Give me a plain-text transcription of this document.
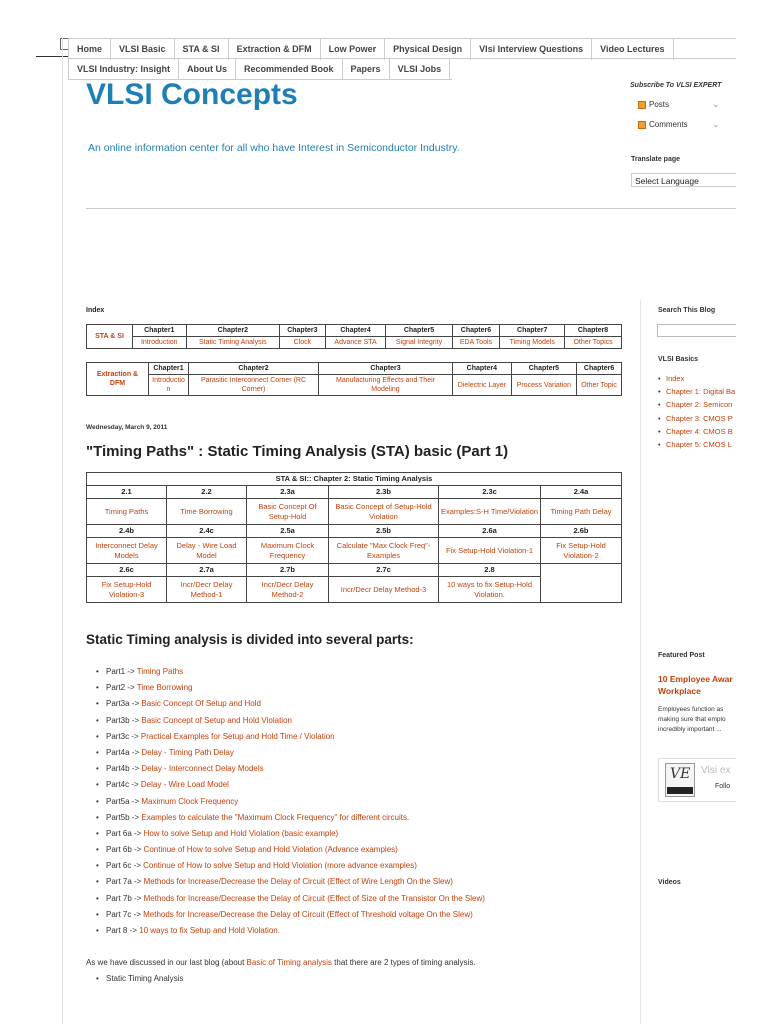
Home	VLSI Basic	STA & SI	Extraction & DFM	Low Power	Physical Design	Vlsi Interview Questions	Video Lectures
VLSI Industry: Insight	About Us	Recommended Book	Papers	VLSI Jobs
VLSI Concepts
An online information center for all who have Interest in Semiconductor Industry.
Subscribe To VLSI EXPERT
Posts	⌄
Comments	⌄
Translate page
Select Language
Index
STA & SI	Chapter1	Chapter2	Chapter3	Chapter4	Chapter5	Chapter6	Chapter7	Chapter8
	Introduction	Static Timing Analysis	Clock	Advance STA	Signal Integrity	EDA Tools	Timing Models	Other Topics
Extraction & DFM	Chapter1	Chapter2	Chapter3	Chapter4	Chapter5	Chapter6
	Introductio n	Parasitic Interconnect Corner (RC Corner)	Manufacturing Effects and Their Modeling	Dielectric Layer	Process Variation	Other Topic
Wednesday, March 9, 2011
"Timing Paths" : Static Timing Analysis (STA) basic (Part 1)
STA & SI:: Chapter 2: Static Timing Analysis					
2.1	2.2	2.3a	2.3b	2.3c	2.4a
Timing Paths	Time Borrowing	Basic Concept Of Setup-Hold	Basic Concept of Setup-Hold Violation	Examples:S-H Time/Violation	Timing Path Delay
2.4b	2.4c	2.5a	2.5b	2.6a	2.6b
Interconnect Delay Models	Delay - Wire Load Model	Maximum Clock Frequency	Calculate "Max Clock Freq"- Examples	Fix Setup-Hold Violation-1	Fix Setup-Hold Violation-2
2.6c	2.7a	2.7b	2.7c	2.8	
Fix Setup-Hold Violation-3	Incr/Decr Delay Method-1	Incr/Decr Delay Method-2	Incr/Decr Delay Method-3	10 ways to fix Setup-Hold Violation.	
Static Timing analysis is divided into several parts:
• Part1 -> Timing Paths
• Part2 -> Time Borrowing
• Part3a -> Basic Concept Of Setup and Hold
• Part3b -> Basic Concept of Setup and Hold Violation
• Part3c -> Practical Examples for Setup and Hold Time / Violation
• Part4a -> Delay - Timing Path Delay
• Part4b -> Delay - Interconnect Delay Models
• Part4c -> Delay - Wire Load Model
• Part5a -> Maximum Clock Frequency
• Part5b -> Examples to calculate the "Maximum Clock Frequency" for different circuits.
• Part 6a -> How to solve Setup and Hold Violation (basic example)
• Part 6b -> Continue of How to solve Setup and Hold Violation (Advance examples)
• Part 6c -> Continue of How to solve Setup and Hold Violation (more advance examples)
• Part 7a -> Methods for Increase/Decrease the Delay of Circuit (Effect of Wire Length On the Slew)
• Part 7b -> Methods for Increase/Decrease the Delay of Circuit (Effect of Size of the Transistor On the Slew)
• Part 7c -> Methods for Increase/Decrease the Delay of Circuit (Effect of Threshold voltage On the Slew)
• Part 8 -> 10 ways to fix Setup and Hold Violation.
As we have discussed in our last blog (about Basic of Timing analysis that there are 2 types of timing analysis.
• Static Timing Analysis
Search This Blog
VLSI Basics
• Index
• Chapter 1: Digital Ba
• Chapter 2: Semicon
• Chapter 3: CMOS P
• Chapter 4: CMOS B
• Chapter 5: CMOS L
Featured Post
10 Employee Awar
Workplace
Employees function as
making sure that emplo
incredibly important ...
VE Vlsi ex
Follo
Videos
